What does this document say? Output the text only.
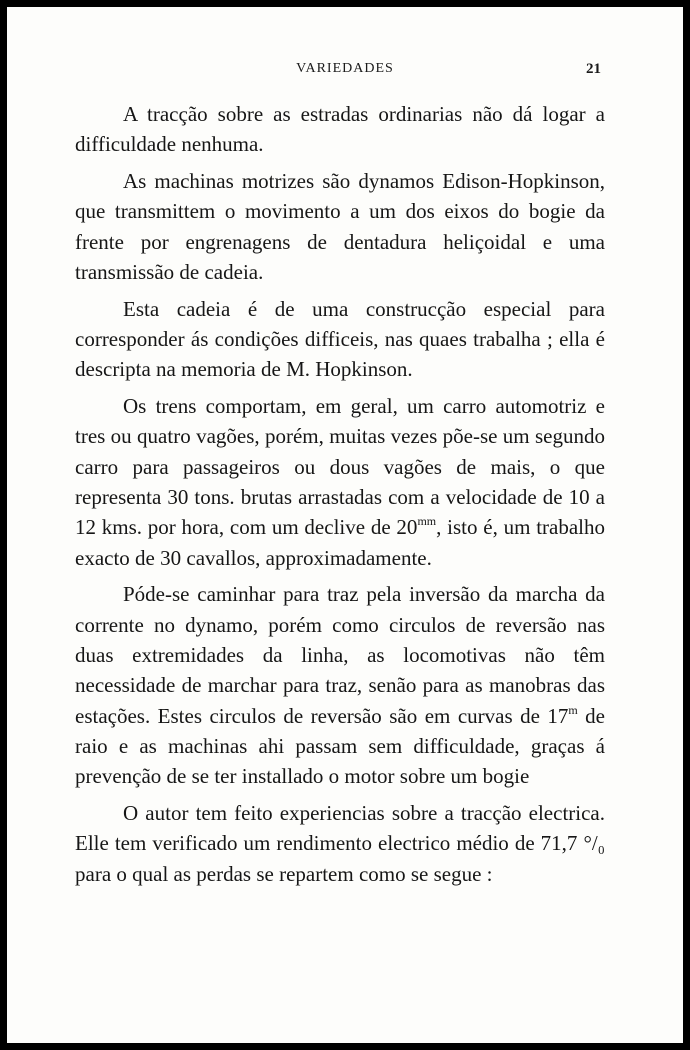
VARIEDADES	21

A tracção sobre as estradas ordinarias não dá logar a difficuldade nenhuma.

As machinas motrizes são dynamos Edison-Hopkinson, que transmittem o movimento a um dos eixos do bogie da frente por engrenagens de dentadura heliçoidal e uma transmissão de cadeia.

Esta cadeia é de uma construcção especial para corresponder ás condições difficeis, nas quaes trabalha ; ella é descripta na memoria de M. Hopkinson.

Os trens comportam, em geral, um carro automotriz e tres ou quatro vagões, porém, muitas vezes põe-se um segundo carro para passageiros ou dous vagões de mais, o que representa 30 tons. brutas arrastadas com a velocidade de 10 a 12 kms. por hora, com um declive de $20^{mm}$, isto é, um trabalho exacto de 30 cavallos, approximadamente.

Póde-se caminhar para traz pela inversão da marcha da corrente no dynamo, porém como circulos de reversão nas duas extremidades da linha, as locomotivas não têm necessidade de marchar para traz, senão para as manobras das estações. Estes circulos de reversão são em curvas de 17$^m$ de raio e as machinas ahi passam sem difficuldade, graças á prevenção de se ter installado o motor sobre um bogie

O autor tem feito experiencias sobre a tracção electrica. Elle tem verificado um rendimento electrico médio de 71,7 °/₀ para o qual as perdas se repartem como se segue :
